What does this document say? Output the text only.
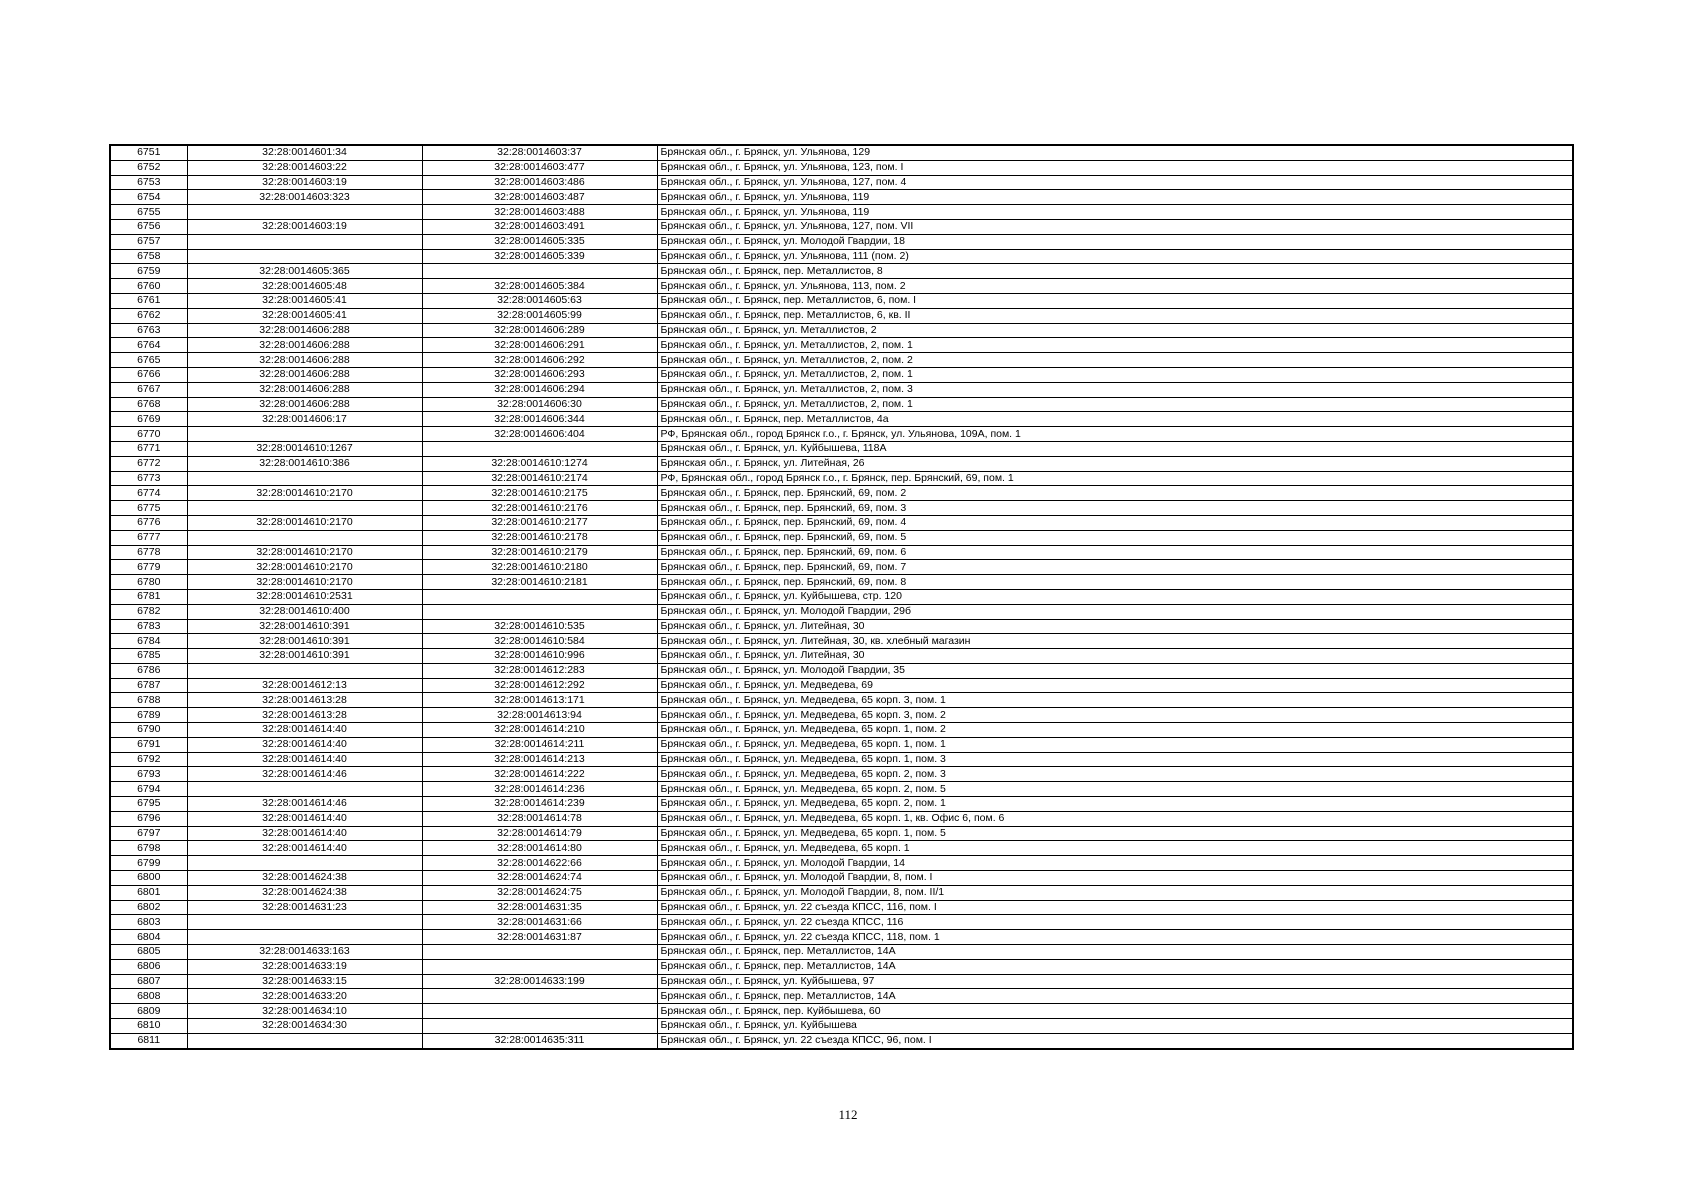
6751	32:28:0014601:34	32:28:0014603:37	Брянская обл., г. Брянск, ул. Ульянова, 129
6752	32:28:0014603:22	32:28:0014603:477	Брянская обл., г. Брянск, ул. Ульянова, 123, пом. I
6753	32:28:0014603:19	32:28:0014603:486	Брянская обл., г. Брянск, ул. Ульянова, 127, пом. 4
6754	32:28:0014603:323	32:28:0014603:487	Брянская обл., г. Брянск, ул. Ульянова, 119
6755		32:28:0014603:488	Брянская обл., г. Брянск, ул. Ульянова, 119
6756	32:28:0014603:19	32:28:0014603:491	Брянская обл., г. Брянск, ул. Ульянова, 127, пом. VII
6757		32:28:0014605:335	Брянская обл., г. Брянск, ул. Молодой Гвардии, 18
6758		32:28:0014605:339	Брянская обл., г. Брянск, ул. Ульянова, 111 (пом. 2)
6759	32:28:0014605:365		Брянская обл., г. Брянск, пер. Металлистов, 8
6760	32:28:0014605:48	32:28:0014605:384	Брянская обл., г. Брянск, ул. Ульянова, 113, пом. 2
6761	32:28:0014605:41	32:28:0014605:63	Брянская обл., г. Брянск, пер. Металлистов, 6, пом. I
6762	32:28:0014605:41	32:28:0014605:99	Брянская обл., г. Брянск, пер. Металлистов, 6, кв. II
6763	32:28:0014606:288	32:28:0014606:289	Брянская обл., г. Брянск, ул. Металлистов, 2
6764	32:28:0014606:288	32:28:0014606:291	Брянская обл., г. Брянск, ул. Металлистов, 2, пом. 1
6765	32:28:0014606:288	32:28:0014606:292	Брянская обл., г. Брянск, ул. Металлистов, 2, пом. 2
6766	32:28:0014606:288	32:28:0014606:293	Брянская обл., г. Брянск, ул. Металлистов, 2, пом. 1
6767	32:28:0014606:288	32:28:0014606:294	Брянская обл., г. Брянск, ул. Металлистов, 2, пом. 3
6768	32:28:0014606:288	32:28:0014606:30	Брянская обл., г. Брянск, ул. Металлистов, 2, пом. 1
6769	32:28:0014606:17	32:28:0014606:344	Брянская обл., г. Брянск, пер. Металлистов, 4а
6770		32:28:0014606:404	РФ, Брянская обл., город Брянск г.о., г. Брянск, ул. Ульянова, 109А, пом. 1
6771	32:28:0014610:1267		Брянская обл., г. Брянск, ул. Куйбышева, 118А
6772	32:28:0014610:386	32:28:0014610:1274	Брянская обл., г. Брянск, ул. Литейная, 26
6773		32:28:0014610:2174	РФ, Брянская обл., город Брянск г.о., г. Брянск, пер. Брянский, 69, пом. 1
6774	32:28:0014610:2170	32:28:0014610:2175	Брянская обл., г. Брянск, пер. Брянский, 69, пом. 2
6775		32:28:0014610:2176	Брянская обл., г. Брянск, пер. Брянский, 69, пом. 3
6776	32:28:0014610:2170	32:28:0014610:2177	Брянская обл., г. Брянск, пер. Брянский, 69, пом. 4
6777		32:28:0014610:2178	Брянская обл., г. Брянск, пер. Брянский, 69, пом. 5
6778	32:28:0014610:2170	32:28:0014610:2179	Брянская обл., г. Брянск, пер. Брянский, 69, пом. 6
6779	32:28:0014610:2170	32:28:0014610:2180	Брянская обл., г. Брянск, пер. Брянский, 69, пом. 7
6780	32:28:0014610:2170	32:28:0014610:2181	Брянская обл., г. Брянск, пер. Брянский, 69, пом. 8
6781	32:28:0014610:2531		Брянская обл., г. Брянск, ул. Куйбышева, стр. 120
6782	32:28:0014610:400		Брянская обл., г. Брянск, ул. Молодой Гвардии, 29б
6783	32:28:0014610:391	32:28:0014610:535	Брянская обл., г. Брянск, ул. Литейная, 30
6784	32:28:0014610:391	32:28:0014610:584	Брянская обл., г. Брянск, ул. Литейная, 30, кв. хлебный магазин
6785	32:28:0014610:391	32:28:0014610:996	Брянская обл., г. Брянск, ул. Литейная, 30
6786		32:28:0014612:283	Брянская обл., г. Брянск, ул. Молодой Гвардии, 35
6787	32:28:0014612:13	32:28:0014612:292	Брянская обл., г. Брянск, ул. Медведева, 69
6788	32:28:0014613:28	32:28:0014613:171	Брянская обл., г. Брянск, ул. Медведева, 65 корп. 3, пом. 1
6789	32:28:0014613:28	32:28:0014613:94	Брянская обл., г. Брянск, ул. Медведева, 65 корп. 3, пом. 2
6790	32:28:0014614:40	32:28:0014614:210	Брянская обл., г. Брянск, ул. Медведева, 65 корп. 1, пом. 2
6791	32:28:0014614:40	32:28:0014614:211	Брянская обл., г. Брянск, ул. Медведева, 65 корп. 1, пом. 1
6792	32:28:0014614:40	32:28:0014614:213	Брянская обл., г. Брянск, ул. Медведева, 65 корп. 1, пом. 3
6793	32:28:0014614:46	32:28:0014614:222	Брянская обл., г. Брянск, ул. Медведева, 65 корп. 2, пом. 3
6794		32:28:0014614:236	Брянская обл., г. Брянск, ул. Медведева, 65 корп. 2, пом. 5
6795	32:28:0014614:46	32:28:0014614:239	Брянская обл., г. Брянск, ул. Медведева, 65 корп. 2, пом. 1
6796	32:28:0014614:40	32:28:0014614:78	Брянская обл., г. Брянск, ул. Медведева, 65 корп. 1, кв. Офис 6, пом. 6
6797	32:28:0014614:40	32:28:0014614:79	Брянская обл., г. Брянск, ул. Медведева, 65 корп. 1, пом. 5
6798	32:28:0014614:40	32:28:0014614:80	Брянская обл., г. Брянск, ул. Медведева, 65 корп. 1
6799		32:28:0014622:66	Брянская обл., г. Брянск, ул. Молодой Гвардии, 14
6800	32:28:0014624:38	32:28:0014624:74	Брянская обл., г. Брянск, ул. Молодой Гвардии, 8, пом. I
6801	32:28:0014624:38	32:28:0014624:75	Брянская обл., г. Брянск, ул. Молодой Гвардии, 8, пом. II/1
6802	32:28:0014631:23	32:28:0014631:35	Брянская обл., г. Брянск, ул. 22 съезда КПСС, 116, пом. I
6803		32:28:0014631:66	Брянская обл., г. Брянск, ул. 22 съезда КПСС, 116
6804		32:28:0014631:87	Брянская обл., г. Брянск, ул. 22 съезда КПСС, 118, пом. 1
6805	32:28:0014633:163		Брянская обл., г. Брянск, пер. Металлистов, 14А
6806	32:28:0014633:19		Брянская обл., г. Брянск, пер. Металлистов, 14А
6807	32:28:0014633:15	32:28:0014633:199	Брянская обл., г. Брянск, ул. Куйбышева, 97
6808	32:28:0014633:20		Брянская обл., г. Брянск, пер. Металлистов, 14А
6809	32:28:0014634:10		Брянская обл., г. Брянск, пер. Куйбышева, 60
6810	32:28:0014634:30		Брянская обл., г. Брянск, ул. Куйбышева
6811		32:28:0014635:311	Брянская обл., г. Брянск, ул. 22 съезда КПСС, 96, пом. I
112
